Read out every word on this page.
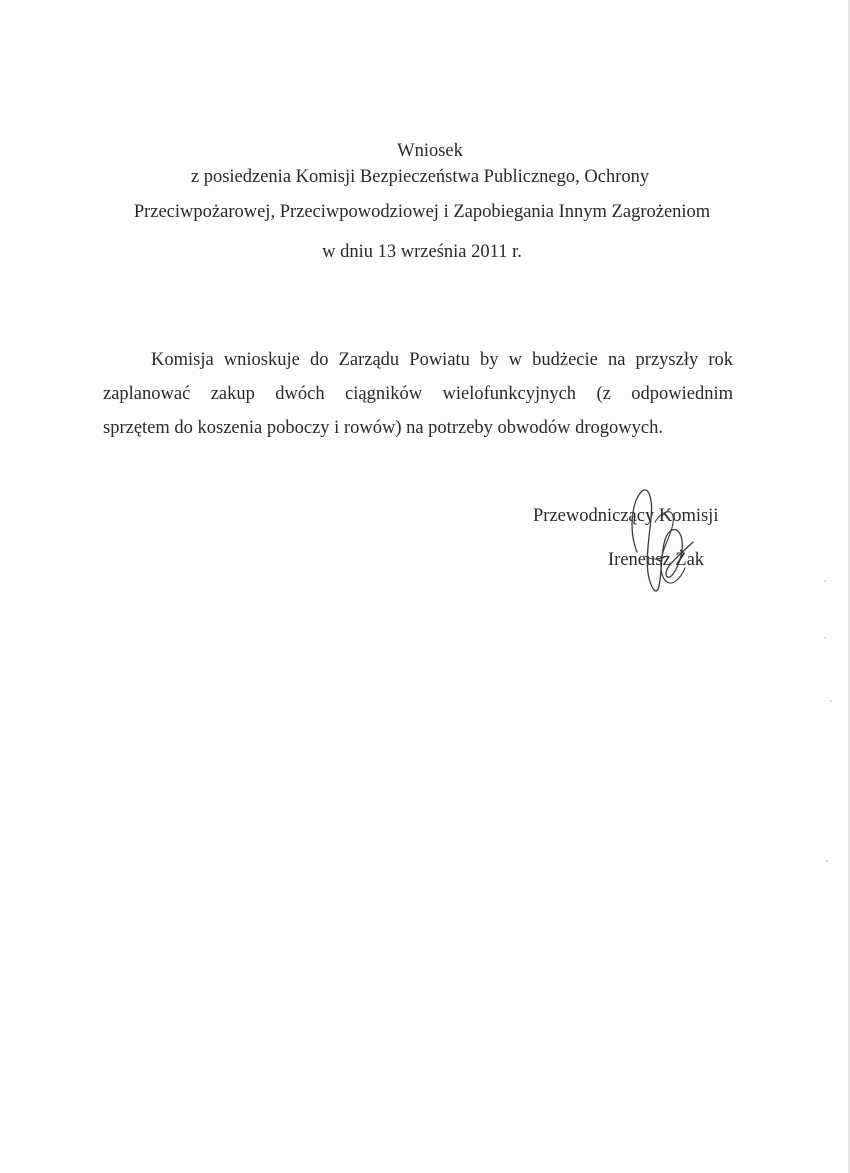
Wniosek
z posiedzenia Komisji Bezpieczeństwa Publicznego, Ochrony
Przeciwpożarowej, Przeciwpowodziowej i Zapobiegania Innym Zagrożeniom
w dniu 13 września 2011 r.
Komisja wnioskuje do Zarządu Powiatu by w budżecie na przyszły rok
zaplanować zakup dwóch ciągników wielofunkcyjnych (z odpowiednim
sprzętem do koszenia poboczy i rowów) na potrzeby obwodów drogowych.
Przewodniczący Komisji
Ireneusz Żak
